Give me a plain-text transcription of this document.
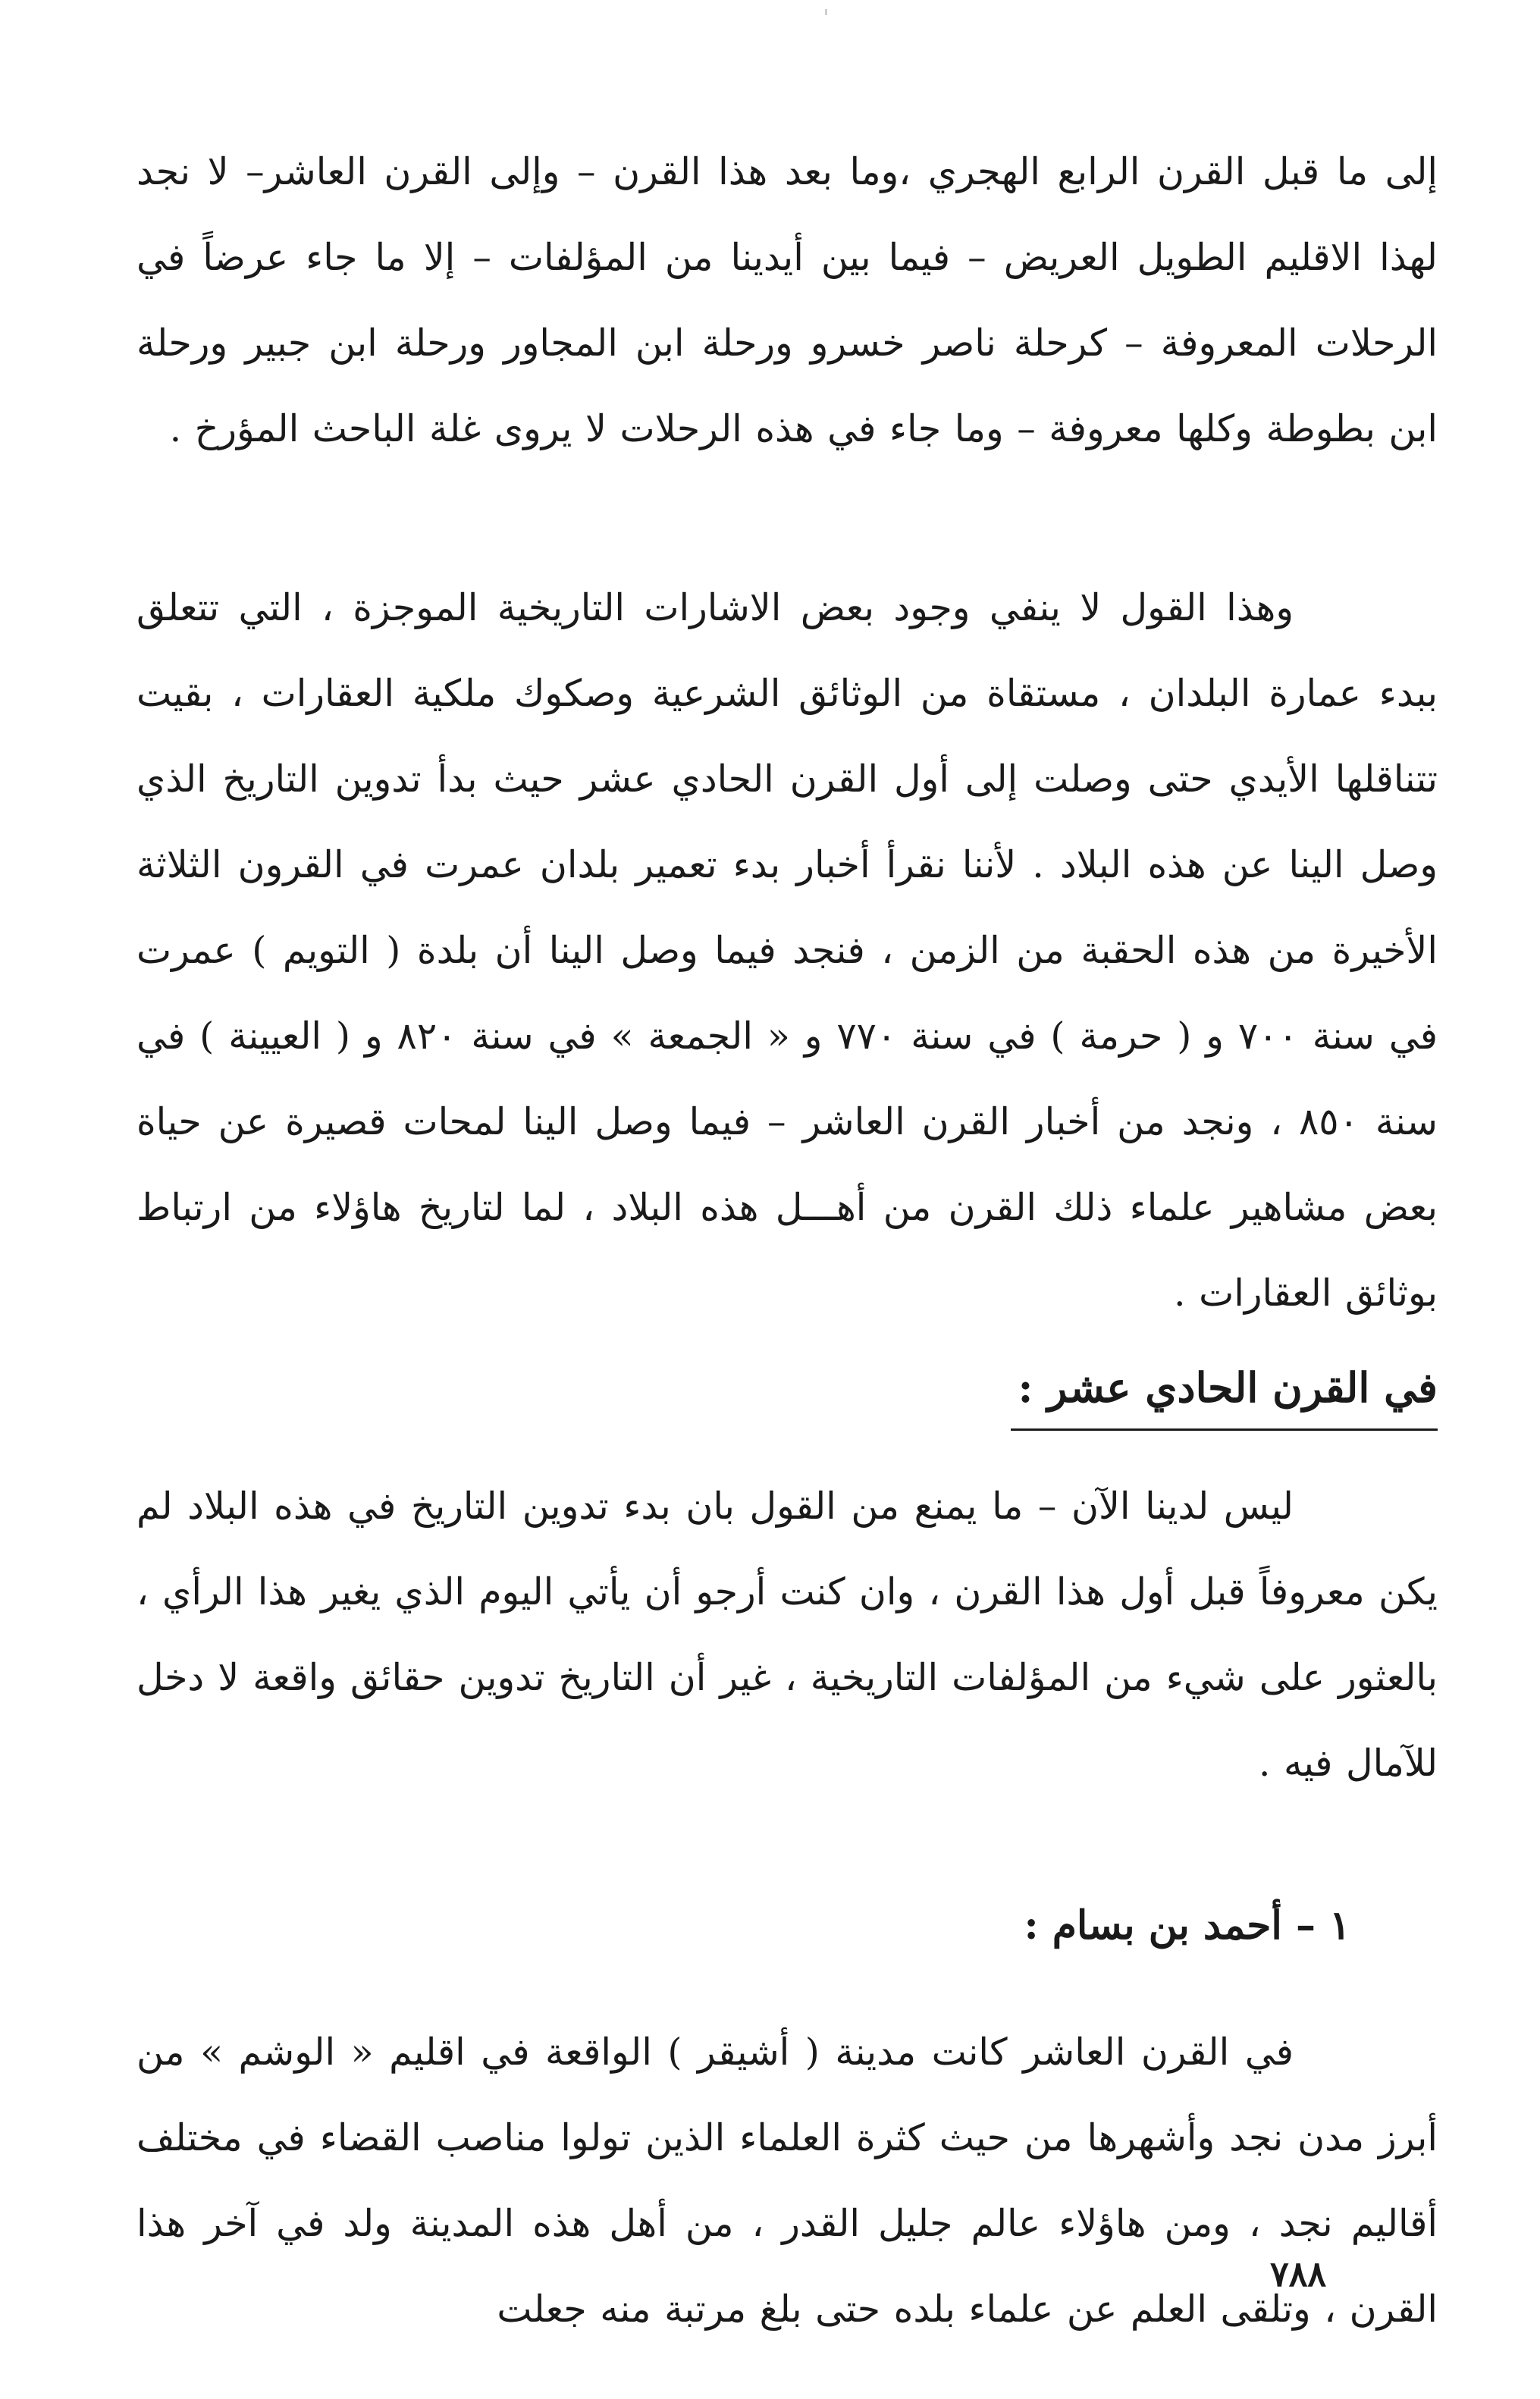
إلى ما قبل القرن الرابع الهجري ،وما بعد هذا القرن – وإلى القرن العاشر– لا نجد لهذا الاقليم الطويل العريض – فيما بين أيدينا من المؤلفات – إلا ما جاء عرضاً في الرحلات المعروفة – كرحلة ناصر خسرو ورحلة ابن المجاور ورحلة ابن جبير ورحلة ابن بطوطة وكلها معروفة – وما جاء في هذه الرحلات لا يروى غلة الباحث المؤرخ .

وهذا القول لا ينفي وجود بعض الاشارات التاريخية الموجزة ، التي تتعلق ببدء عمارة البلدان ، مستقاة من الوثائق الشرعية وصكوك ملكية العقارات ، بقيت تتناقلها الأيدي حتى وصلت إلى أول القرن الحادي عشر حيث بدأ تدوين التاريخ الذي وصل الينا عن هذه البلاد . لأننا نقرأ أخبار بدء تعمير بلدان عمرت في القرون الثلاثة الأخيرة من هذه الحقبة من الزمن ، فنجد فيما وصل الينا أن بلدة ( التويم ) عمرت في سنة ٧٠٠ و ( حرمة ) في سنة ٧٧٠ و « الجمعة » في سنة ٨٢٠ و ( العيينة ) في سنة ٨٥٠ ، ونجد من أخبار القرن العاشر – فيما وصل الينا لمحات قصيرة عن حياة بعض مشاهير علماء ذلك القرن من أهـــل هذه البلاد ، لما لتاريخ هاؤلاء من ارتباط بوثائق العقارات .

في القرن الحادي عشر :

ليس لدينا الآن – ما يمنع من القول بان بدء تدوين التاريخ في هذه البلاد لم يكن معروفاً قبل أول هذا القرن ، وان كنت أرجو أن يأتي اليوم الذي يغير هذا الرأي ، بالعثور على شيء من المؤلفات التاريخية ، غير أن التاريخ تدوين حقائق واقعة لا دخل للآمال فيه .

١ – أحمد بن بسام :

في القرن العاشر كانت مدينة ( أشيقر ) الواقعة في اقليم « الوشم » من أبرز مدن نجد وأشهرها من حيث كثرة العلماء الذين تولوا مناصب القضاء في مختلف أقاليم نجد ، ومن هاؤلاء عالم جليل القدر ، من أهل هذه المدينة ولد في آخر هذا القرن ، وتلقى العلم عن علماء بلده حتى بلغ مرتبة منه جعلت

٧٨٨
